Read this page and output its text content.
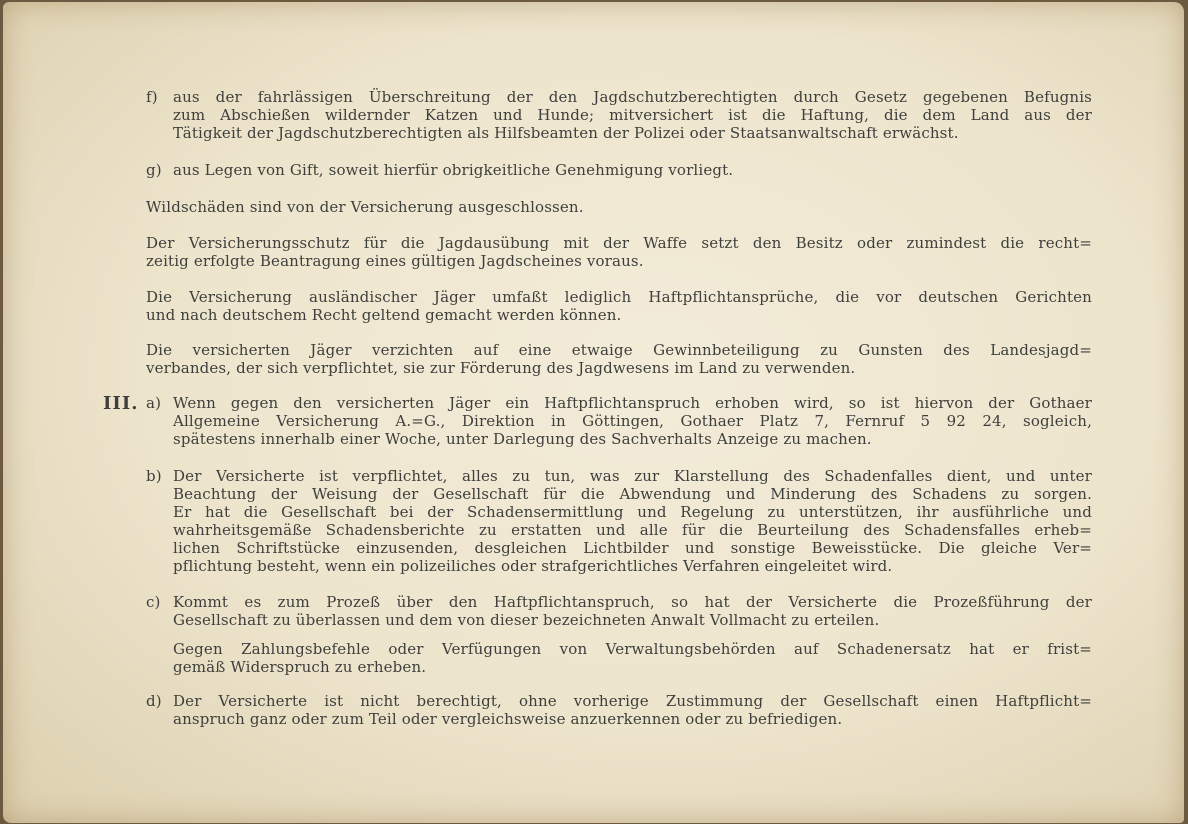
f) aus der fahrlässigen Überschreitung der den Jagdschutzberechtigten durch Gesetz gegebenen Befugnis

zum Abschießen wildernder Katzen und Hunde; mitversichert ist die Haftung, die dem Land aus der

Tätigkeit der Jagdschutzberechtigten als Hilfsbeamten der Polizei oder Staatsanwaltschaft erwächst.

g) aus Legen von Gift, soweit hierfür obrigkeitliche Genehmigung vorliegt.

Wildschäden sind von der Versicherung ausgeschlossen.

Der Versicherungsschutz für die Jagdausübung mit der Waffe setzt den Besitz oder zumindest die recht=

zeitig erfolgte Beantragung eines gültigen Jagdscheines voraus.

Die Versicherung ausländischer Jäger umfaßt lediglich Haftpflichtansprüche, die vor deutschen Gerichten

und nach deutschem Recht geltend gemacht werden können.

Die versicherten Jäger verzichten auf eine etwaige Gewinnbeteiligung zu Gunsten des Landesjagd=

verbandes, der sich verpflichtet, sie zur Förderung des Jagdwesens im Land zu verwenden.

III. a) Wenn gegen den versicherten Jäger ein Haftpflichtanspruch erhoben wird, so ist hiervon der Gothaer

Allgemeine Versicherung A.=G., Direktion in Göttingen, Gothaer Platz 7, Fernruf 5 92 24, sogleich,

spätestens innerhalb einer Woche, unter Darlegung des Sachverhalts Anzeige zu machen.

b) Der Versicherte ist verpflichtet, alles zu tun, was zur Klarstellung des Schadenfalles dient, und unter

Beachtung der Weisung der Gesellschaft für die Abwendung und Minderung des Schadens zu sorgen.

Er hat die Gesellschaft bei der Schadensermittlung und Regelung zu unterstützen, ihr ausführliche und

wahrheitsgemäße Schadensberichte zu erstatten und alle für die Beurteilung des Schadensfalles erheb=

lichen Schriftstücke einzusenden, desgleichen Lichtbilder und sonstige Beweisstücke. Die gleiche Ver=

pflichtung besteht, wenn ein polizeiliches oder strafgerichtliches Verfahren eingeleitet wird.

c) Kommt es zum Prozeß über den Haftpflichtanspruch, so hat der Versicherte die Prozeßführung der

Gesellschaft zu überlassen und dem von dieser bezeichneten Anwalt Vollmacht zu erteilen.

Gegen Zahlungsbefehle oder Verfügungen von Verwaltungsbehörden auf Schadenersatz hat er frist=

gemäß Widerspruch zu erheben.

d) Der Versicherte ist nicht berechtigt, ohne vorherige Zustimmung der Gesellschaft einen Haftpflicht=

anspruch ganz oder zum Teil oder vergleichsweise anzuerkennen oder zu befriedigen.
